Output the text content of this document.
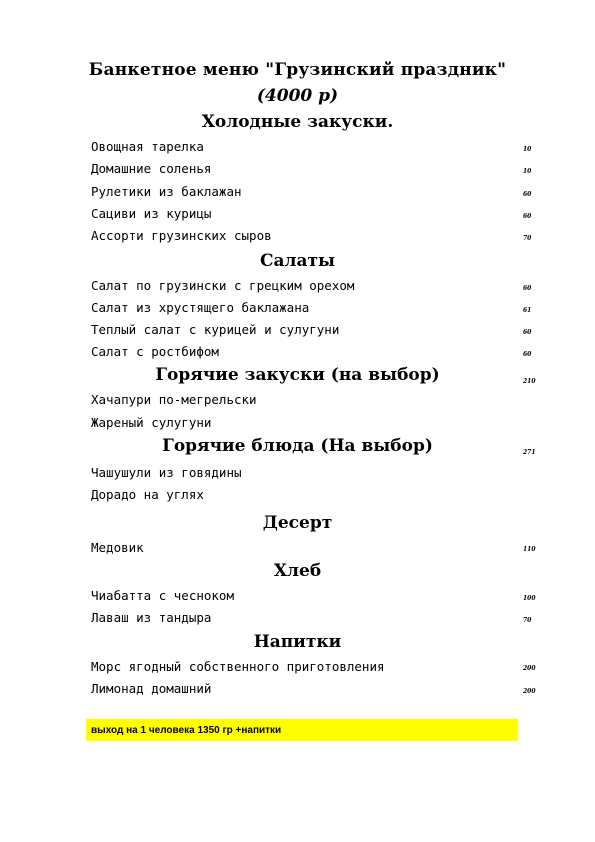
Банкетное меню "Грузинский праздник"
(4000 р)
Холодные закуски.
Овощная тарелка	10
Домашние соленья	10
Рулетики из баклажан	60
Сациви из курицы	60
Ассорти грузинских сыров	70
Салаты
Салат по грузински с грецким орехом	60
Салат из хрустящего баклажана	61
Теплый салат с курицей и сулугуни	60
Салат с ростбифом	60
Горячие закуски (на выбор)	210
Хачапури по-мегрельски
Жареный сулугуни
Горячие блюда (На выбор)	271
Чашушули из говядины
Дорадо на углях
Десерт
Медовик	110
Хлеб
Чиабатта с чесноком	100
Лаваш из тандыра	70
Напитки
Морс ягодный собственного приготовления	200
Лимонад домашний	200
выход на 1 человека 1350 гр +напитки
